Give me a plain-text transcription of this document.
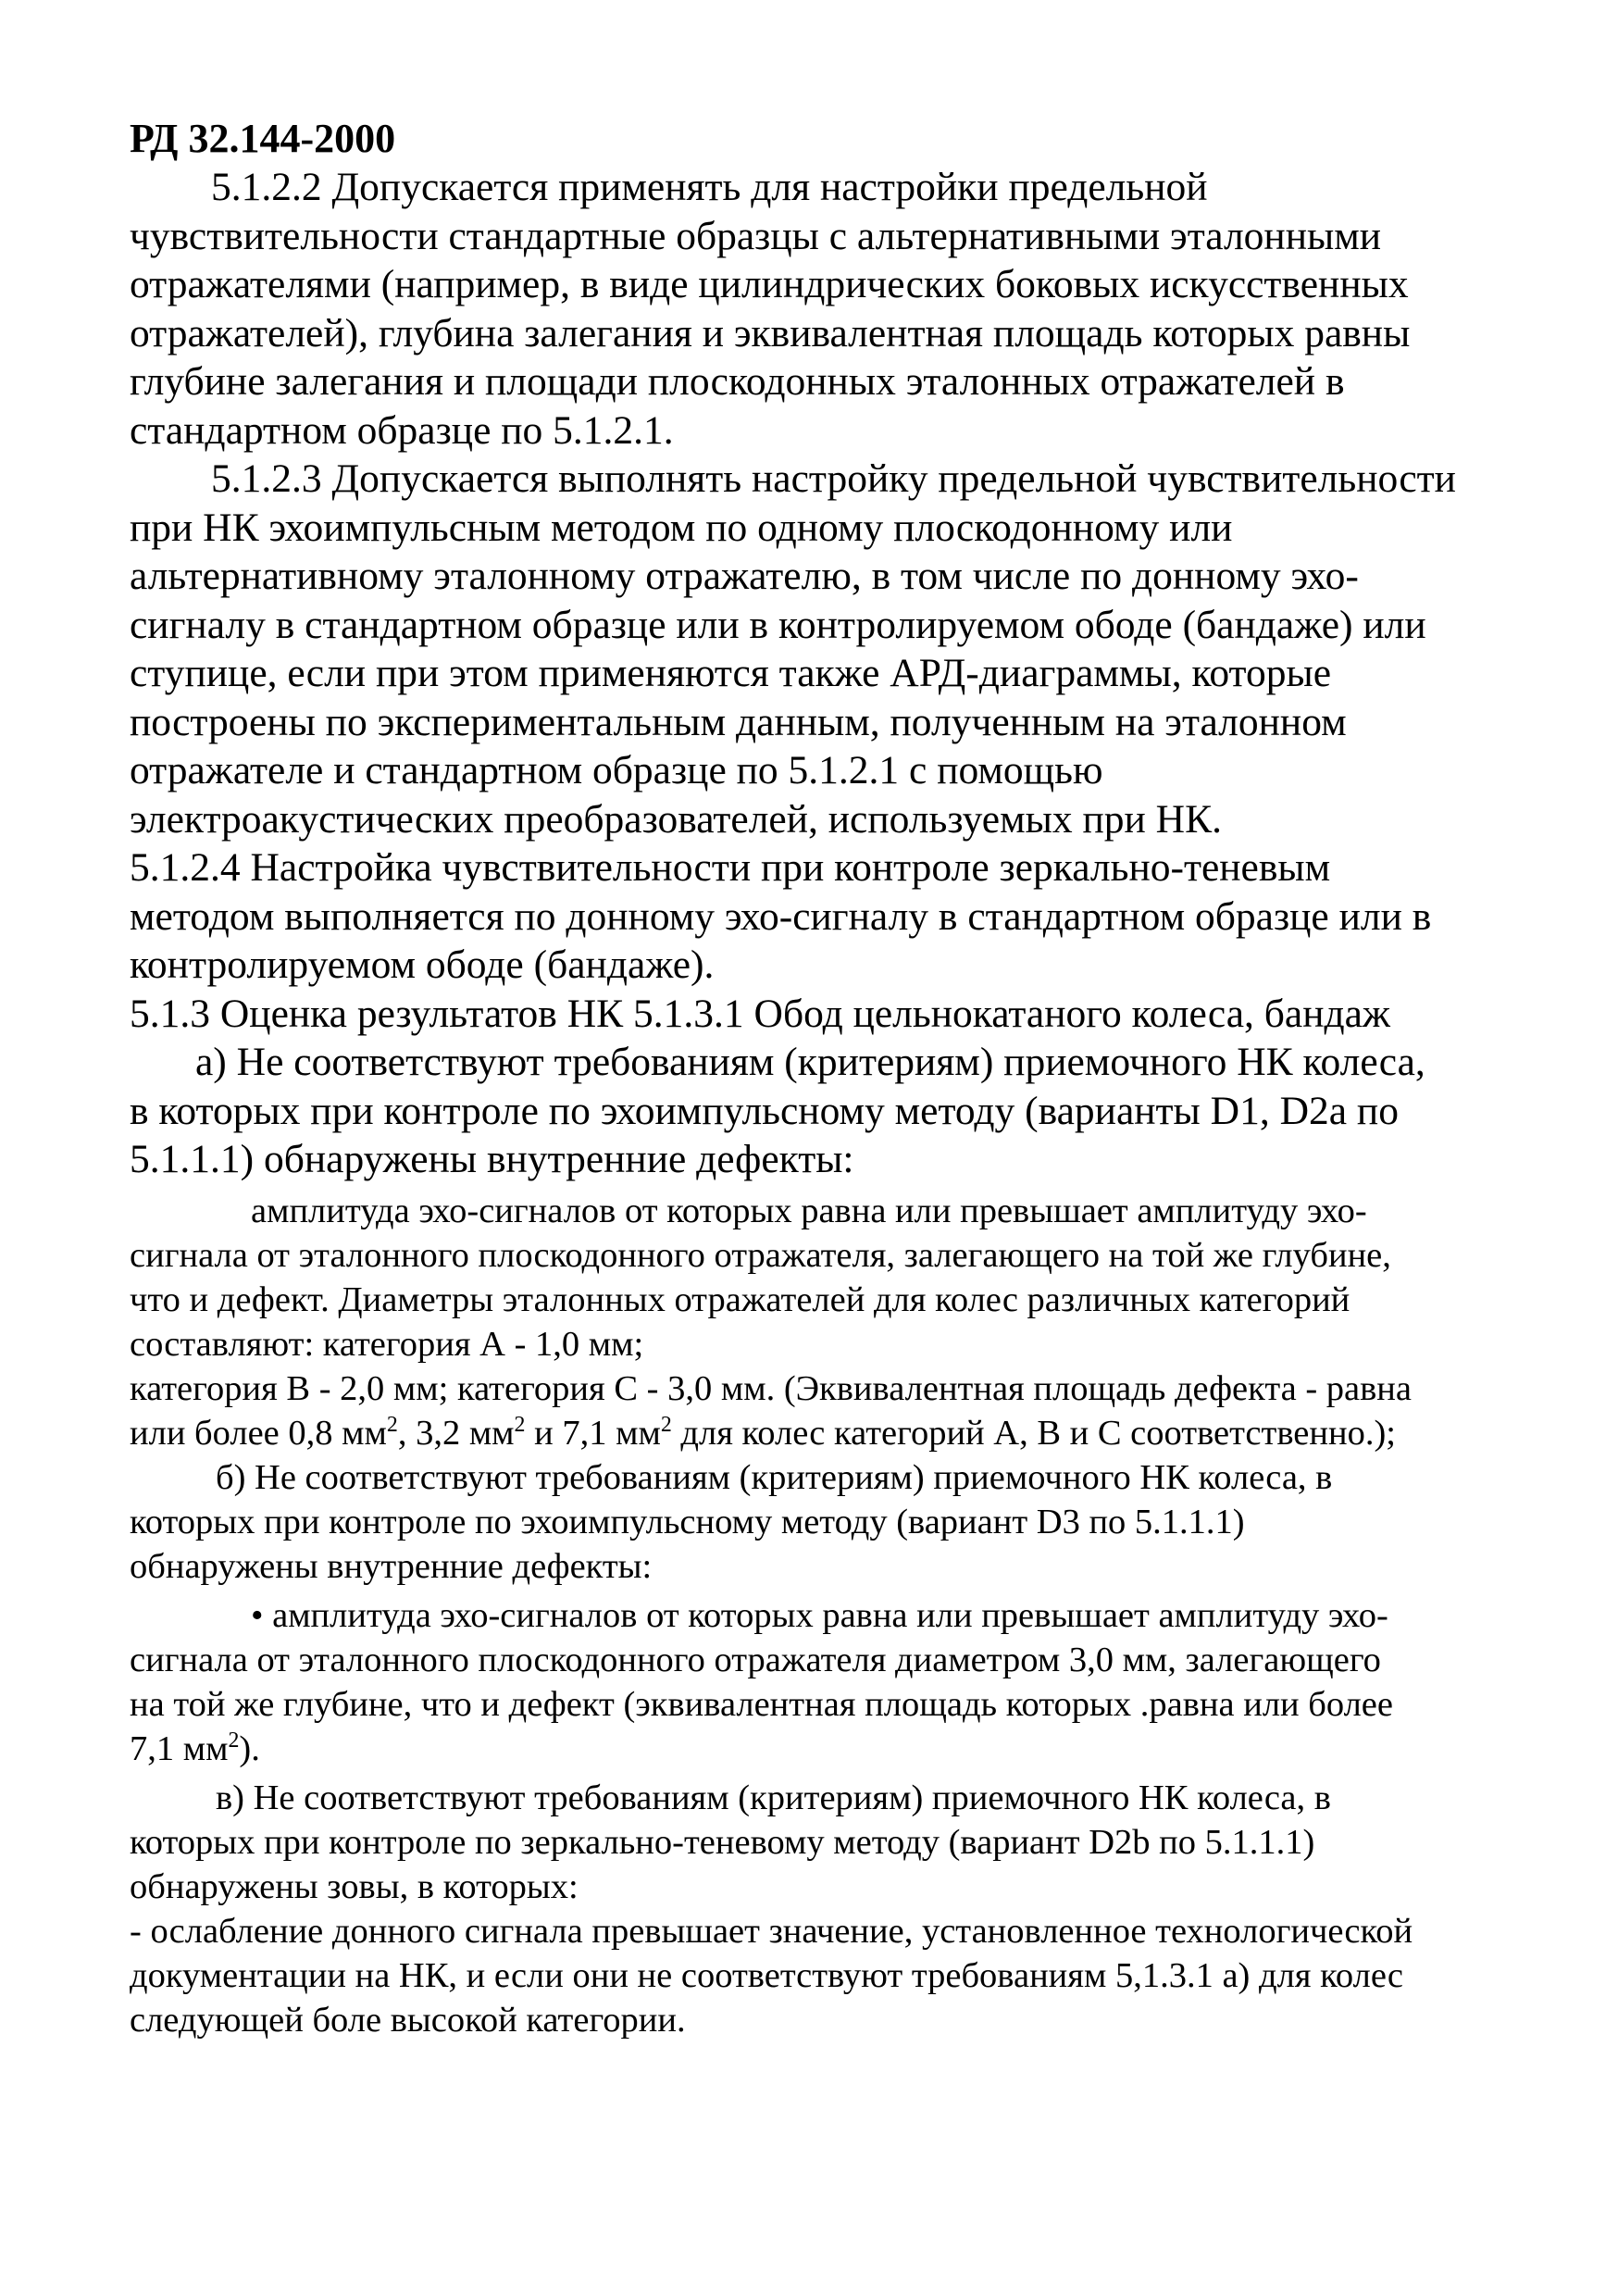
РД 32.144-2000

5.1.2.2 Допускается применять для настройки предельной
чувствительности стандартные образцы с альтернативными эталонными
отражателями (например, в виде цилиндрических боковых искусственных
отражателей), глубина залегания и эквивалентная площадь которых равны
глубине залегания и площади плоскодонных эталонных отражателей в
стандартном образце по 5.1.2.1.

5.1.2.3 Допускается выполнять настройку предельной чувствительности
при НК эхоимпульсным методом по одному плоскодонному или
альтернативному эталонному отражателю, в том числе по донному эхо-
сигналу в стандартном образце или в контролируемом ободе (бандаже) или
ступице, если при этом применяются также АРД-диаграммы, которые
построены по экспериментальным данным, полученным на эталонном
отражателе и стандартном образце по 5.1.2.1 с помощью
электроакустических преобразователей, используемых при НК.

5.1.2.4 Настройка чувствительности при контроле зеркально-теневым
методом выполняется по донному эхо-сигналу в стандартном образце или в
контролируемом ободе (бандаже).

5.1.3 Оценка результатов НК 5.1.3.1 Обод цельнокатаного колеса, бандаж

а) Не соответствуют требованиям (критериям) приемочного НК колеса,
в которых при контроле по эхоимпульсному методу (варианты D1, D2a по
5.1.1.1) обнаружены внутренние дефекты:

амплитуда эхо-сигналов от которых равна или превышает амплитуду эхо-
сигнала от эталонного плоскодонного отражателя, залегающего на той же глубине,
что и дефект. Диаметры эталонных отражателей для колес различных категорий
составляют: категория А - 1,0 мм;
категория В - 2,0 мм; категория С - 3,0 мм. (Эквивалентная площадь дефекта - равна
или более 0,8 $мм^2$, 3,2 $мм^2$ и 7,1 $мм^2$ для колес категорий А, В и С соответственно.);

б) Не соответствуют требованиям (критериям) приемочного НК колеса, в
которых при контроле по эхоимпульсному методу (вариант D3 по 5.1.1.1)
обнаружены внутренние дефекты:

• амплитуда эхо-сигналов от которых равна или превышает амплитуду эхо-
сигнала от эталонного плоскодонного отражателя диаметром 3,0 мм, залегающего
на той же глубине, что и дефект (эквивалентная площадь которых .равна или более
7,1 $мм^2$).

в) Не соответствуют требованиям (критериям) приемочного НК колеса, в
которых при контроле по зеркально-теневому методу (вариант D2b по 5.1.1.1)
обнаружены зовы, в которых:
- ослабление донного сигнала превышает значение, установленное технологической
документации на НК, и если они не соответствуют требованиям 5,1.3.1 а) для колес
следующей боле высокой категории.
